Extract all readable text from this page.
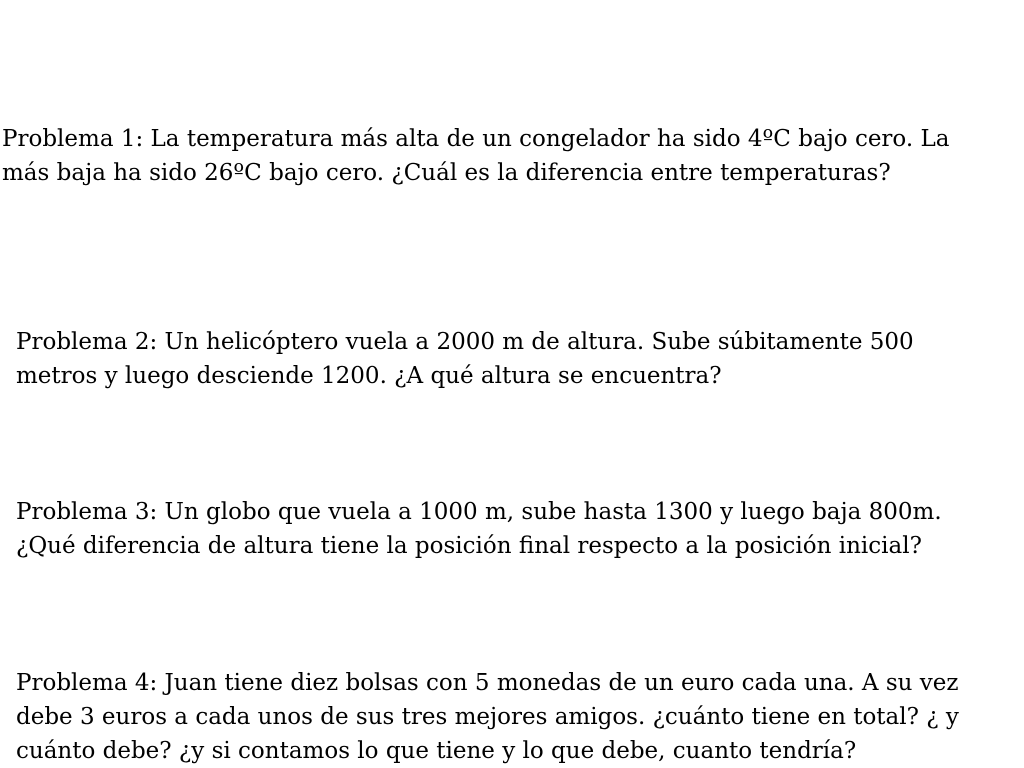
Problema 1: La temperatura más alta de un congelador ha sido 4ºC bajo cero. La
más baja ha sido 26ºC bajo cero. ¿Cuál es la diferencia entre temperaturas?
Problema 2: Un helicóptero vuela a 2000 m de altura. Sube súbitamente 500
metros y luego desciende 1200. ¿A qué altura se encuentra?
Problema 3: Un globo que vuela a 1000 m, sube hasta 1300 y luego baja 800m.
¿Qué diferencia de altura tiene la posición final respecto a la posición inicial?
Problema 4: Juan tiene diez bolsas con 5 monedas de un euro cada una. A su vez
debe 3 euros a cada unos de sus tres mejores amigos. ¿cuánto tiene en total? ¿ y
cuánto debe? ¿y si contamos lo que tiene y lo que debe, cuanto tendría?
